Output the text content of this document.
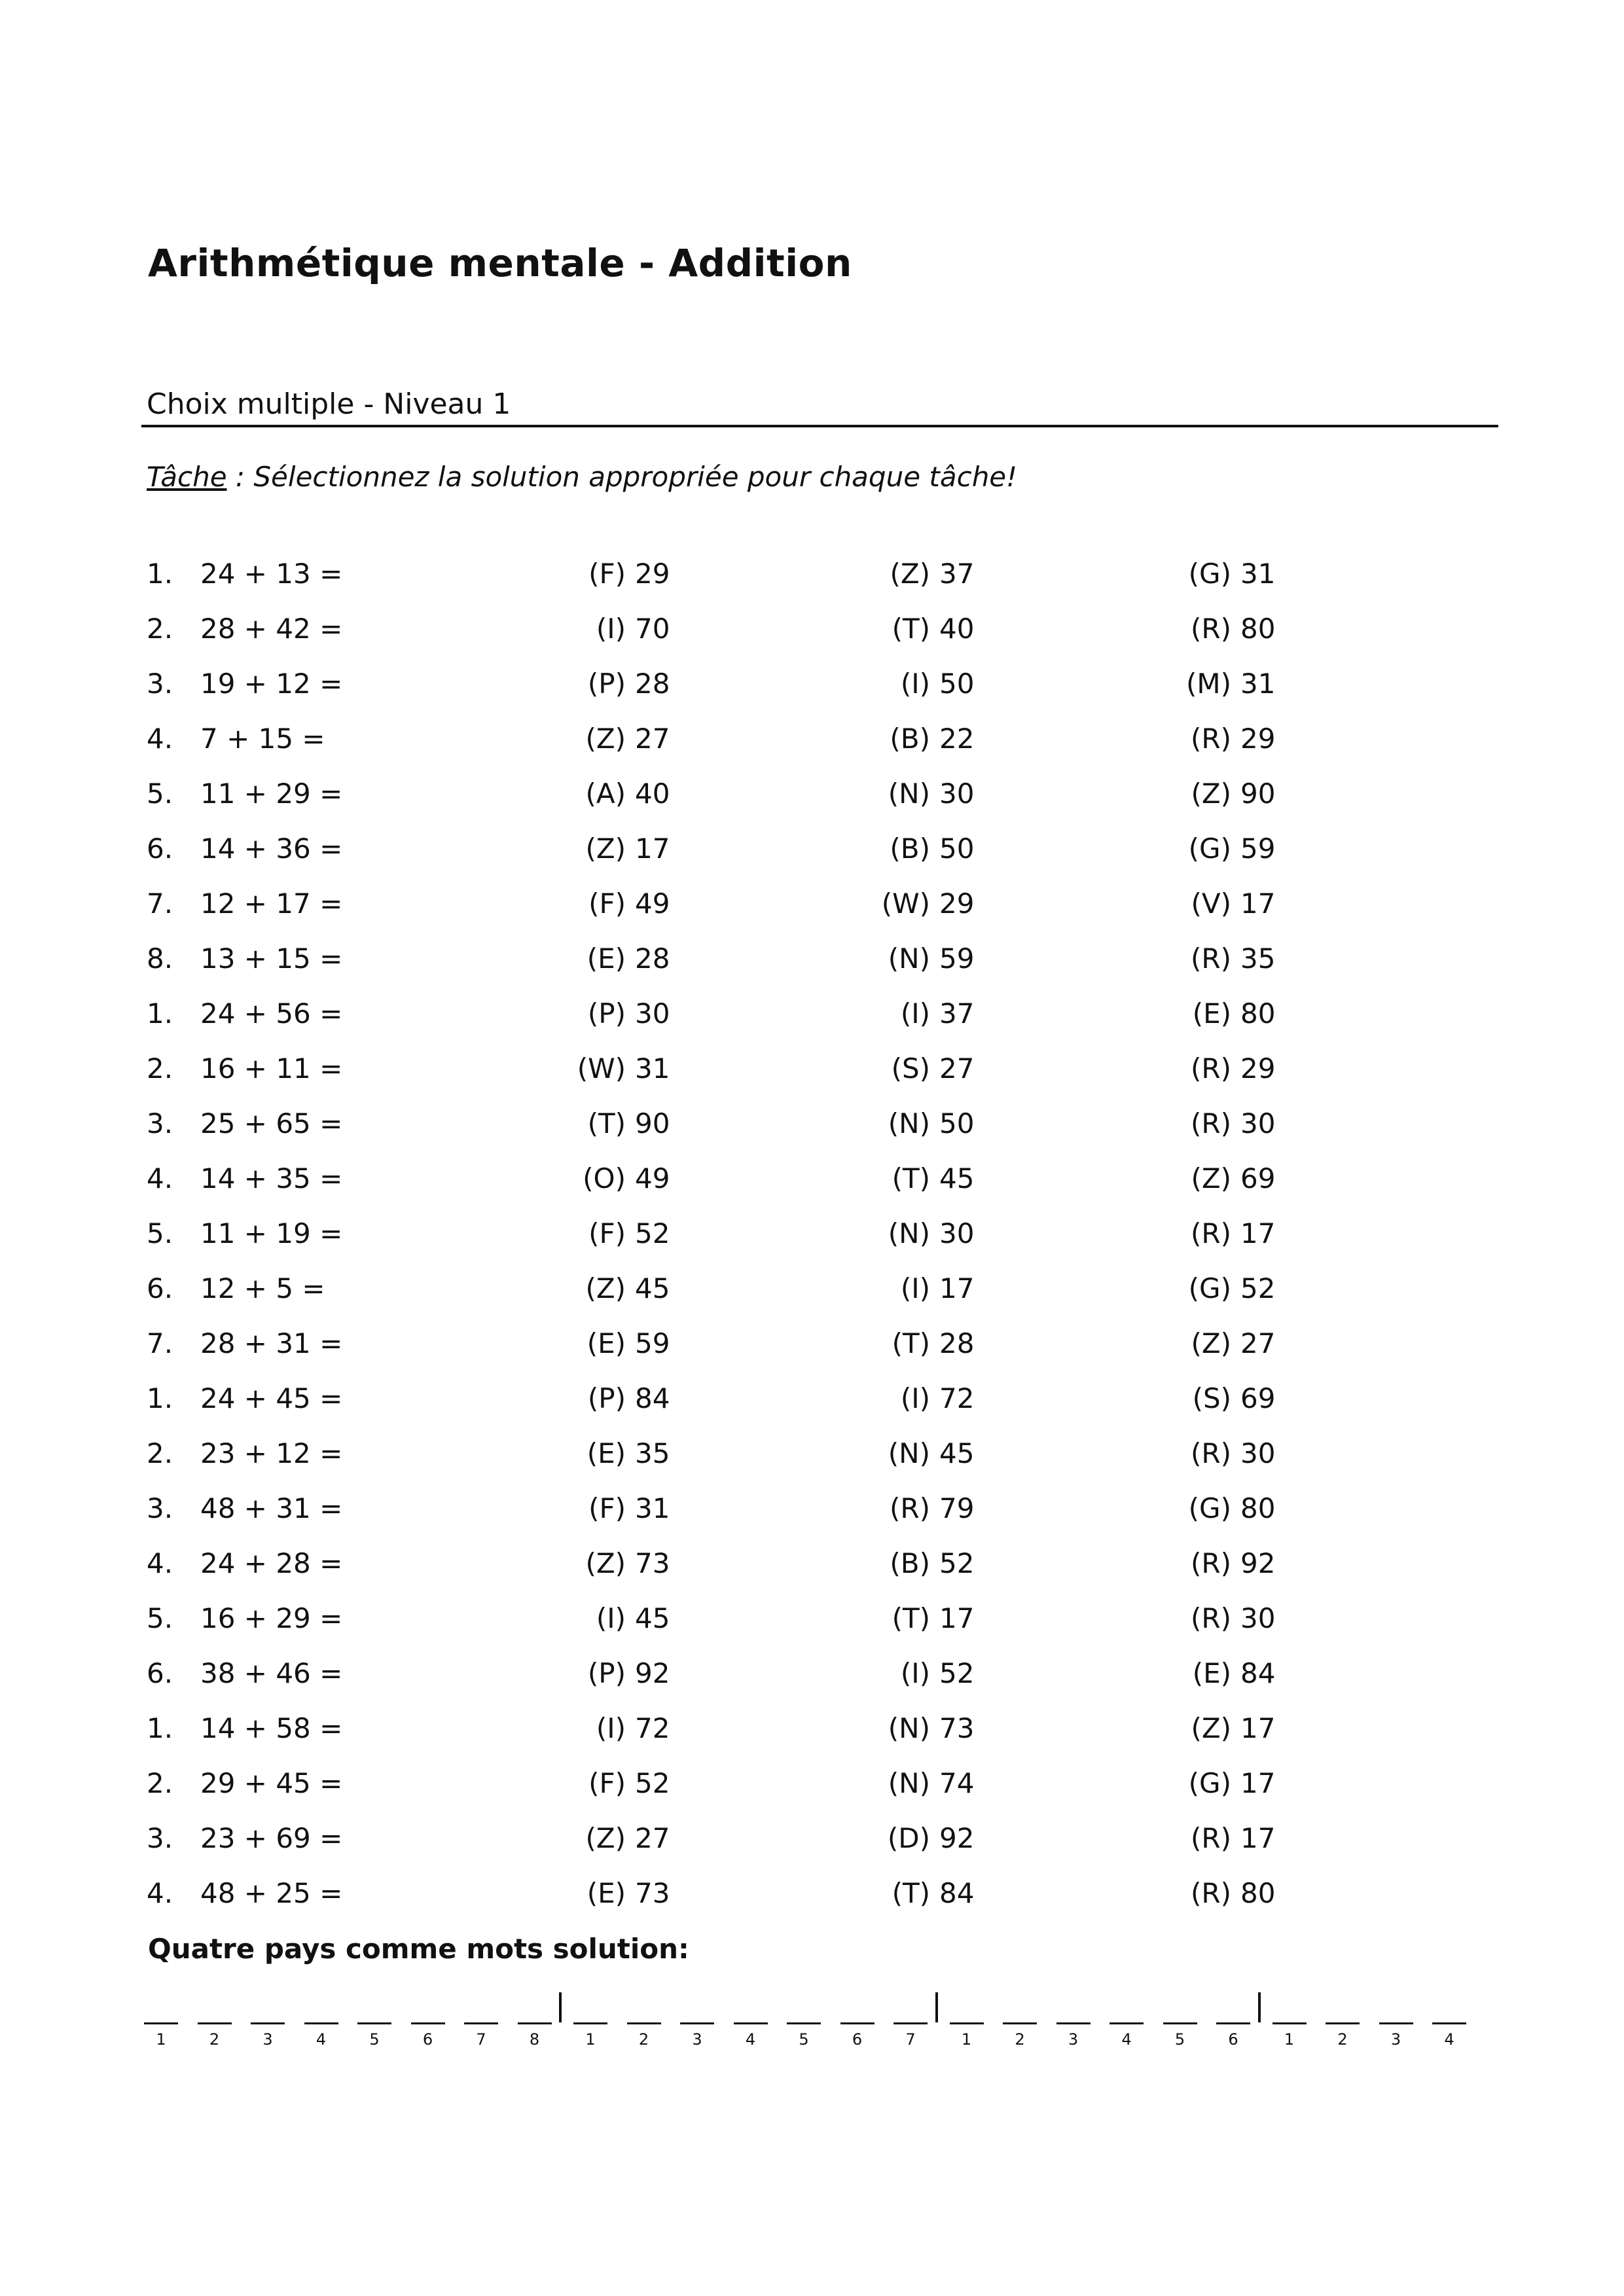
Arithmétique mentale - Addition
Choix multiple - Niveau 1
Tâche : Sélectionnez la solution appropriée pour chaque tâche!
1. 24 + 13 =	(F) 29	(Z) 37	(G) 31
2. 28 + 42 =	(I) 70	(T) 40	(R) 80
3. 19 + 12 =	(P) 28	(I) 50	(M) 31
4. 7 + 15 =	(Z) 27	(B) 22	(R) 29
5. 11 + 29 =	(A) 40	(N) 30	(Z) 90
6. 14 + 36 =	(Z) 17	(B) 50	(G) 59
7. 12 + 17 =	(F) 49	(W) 29	(V) 17
8. 13 + 15 =	(E) 28	(N) 59	(R) 35
1. 24 + 56 =	(P) 30	(I) 37	(E) 80
2. 16 + 11 =	(W) 31	(S) 27	(R) 29
3. 25 + 65 =	(T) 90	(N) 50	(R) 30
4. 14 + 35 =	(O) 49	(T) 45	(Z) 69
5. 11 + 19 =	(F) 52	(N) 30	(R) 17
6. 12 + 5 =	(Z) 45	(I) 17	(G) 52
7. 28 + 31 =	(E) 59	(T) 28	(Z) 27
1. 24 + 45 =	(P) 84	(I) 72	(S) 69
2. 23 + 12 =	(E) 35	(N) 45	(R) 30
3. 48 + 31 =	(F) 31	(R) 79	(G) 80
4. 24 + 28 =	(Z) 73	(B) 52	(R) 92
5. 16 + 29 =	(I) 45	(T) 17	(R) 30
6. 38 + 46 =	(P) 92	(I) 52	(E) 84
1. 14 + 58 =	(I) 72	(N) 73	(Z) 17
2. 29 + 45 =	(F) 52	(N) 74	(G) 17
3. 23 + 69 =	(Z) 27	(D) 92	(R) 17
4. 48 + 25 =	(E) 73	(T) 84	(R) 80
Quatre pays comme mots solution:
1	2	3	4	5	6	7	8	1	2	3	4	5	6	7	1	2	3	4	5	6	1	2	3	4
